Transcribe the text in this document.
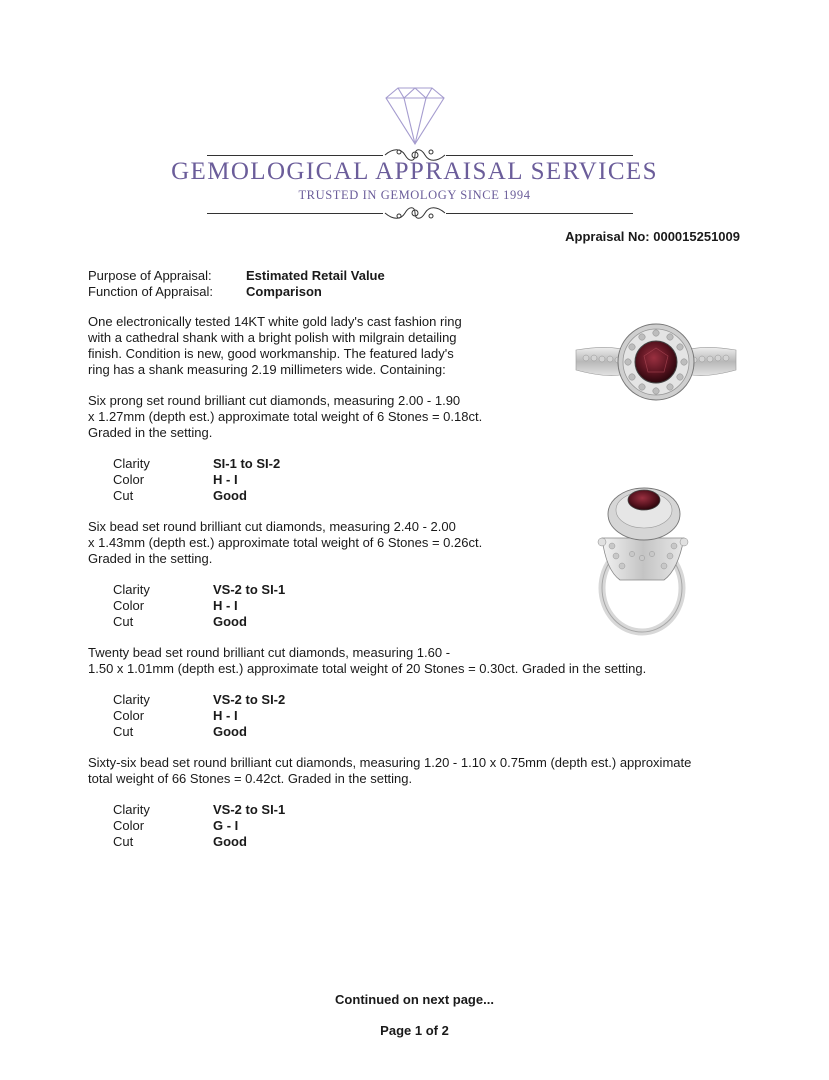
GEMOLOGICAL APPRAISAL SERVICES
TRUSTED IN GEMOLOGY SINCE 1994
Appraisal No: 000015251009
Purpose of Appraisal:	Estimated Retail Value
Function of Appraisal:	Comparison
One electronically tested 14KT white gold lady's cast fashion ring
with a cathedral shank with a bright polish with milgrain detailing
finish. Condition is new, good workmanship. The featured lady's
ring has a shank measuring 2.19 millimeters wide. Containing:
Six prong set round brilliant cut diamonds, measuring 2.00 - 1.90
x 1.27mm (depth est.) approximate total weight of 6 Stones = 0.18ct.
Graded in the setting.
Clarity	SI-1 to SI-2
Color	H - I
Cut	Good
Six bead set round brilliant cut diamonds, measuring 2.40 - 2.00
x 1.43mm (depth est.) approximate total weight of 6 Stones = 0.26ct.
Graded in the setting.
Clarity	VS-2 to SI-1
Color	H - I
Cut	Good
Twenty bead set round brilliant cut diamonds, measuring 1.60 -
1.50 x 1.01mm (depth est.) approximate total weight of 20 Stones = 0.30ct. Graded in the setting.
Clarity	VS-2 to SI-2
Color	H - I
Cut	Good
Sixty-six bead set round brilliant cut diamonds, measuring 1.20 - 1.10 x 0.75mm (depth est.) approximate
total weight of 66 Stones = 0.42ct. Graded in the setting.
Clarity	VS-2 to SI-1
Color	G - I
Cut	Good
Continued on next page...
Page 1 of 2
